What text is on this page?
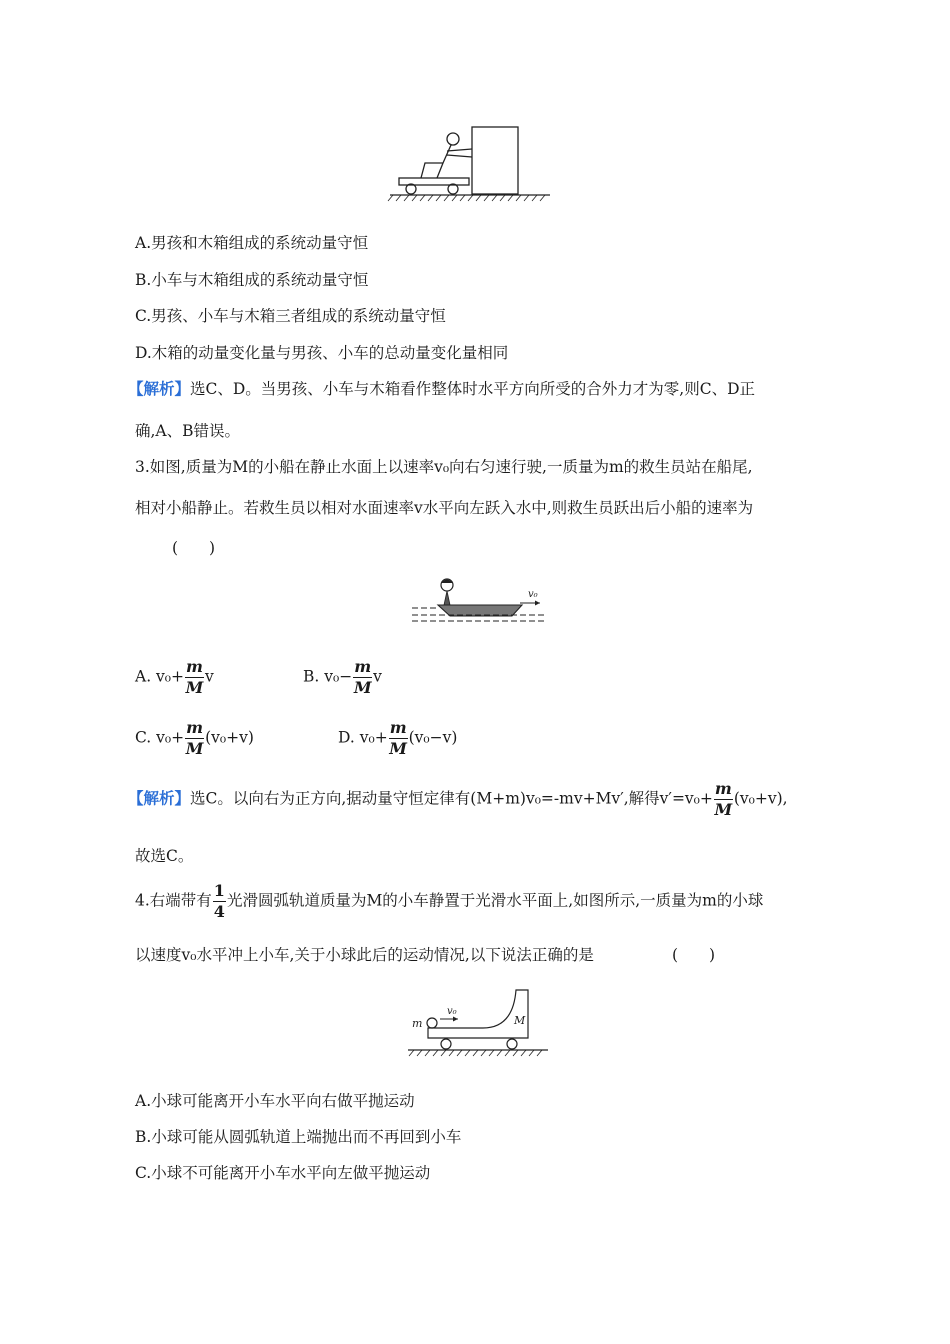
A.男孩和木箱组成的系统动量守恒
B.小车与木箱组成的系统动量守恒
C.男孩、小车与木箱三者组成的系统动量守恒
D.木箱的动量变化量与男孩、小车的总动量变化量相同
【解析】选C、D。当男孩、小车与木箱看作整体时水平方向所受的合外力才为零,则C、D正
确,A、B错误。
3.如图,质量为M的小船在静止水面上以速率v₀向右匀速行驶,一质量为m的救生员站在船尾,
相对小船静止。若救生员以相对水面速率v水平向左跃入水中,则救生员跃出后小船的速率为
(　　)
v₀
A. $v_0+ \frac{m}{M}$ v	B. $v_0- \frac{m}{M}$ v
C. $v_0+ \frac{m}{M} (v_0+v)$	D. $v_0+ \frac{m}{M} (v_0-v)$
【解析】选C。以向右为正方向,据动量守恒定律有(M+m)v₀=-mv+Mv′,解得$v'=v_0+ \frac{m}{M} (v_0+v)$,
故选C。
4.右端带有 $\frac{1}{4}$ 光滑圆弧轨道质量为M的小车静置于光滑水平面上,如图所示,一质量为m的小球
以速度v₀水平冲上小车,关于小球此后的运动情况,以下说法正确的是	(　　)
v₀
m	M
A.小球可能离开小车水平向右做平抛运动
B.小球可能从圆弧轨道上端抛出而不再回到小车
C.小球不可能离开小车水平向左做平抛运动
